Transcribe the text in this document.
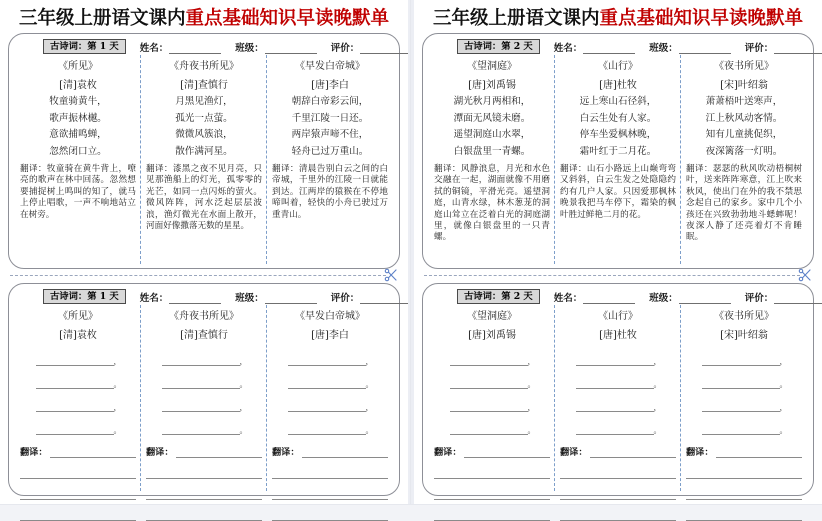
三年级上册语文课内重点基础知识早读晚默单
古诗词：第 1 天	姓名：	班级：	评价：
《所见》
[清]袁枚
牧童骑黄牛，
歌声振林樾。
意欲捕鸣蝉，
忽然闭口立。
翻译：牧童骑在黄牛背上，嘹亮的歌声在林中回荡。忽然想要捕捉树上鸣叫的知了，就马上停止唱歌，一声不响地站立在树旁。
《舟夜书所见》
[清]查慎行
月黑见渔灯，
孤光一点萤。
微微风簇浪，
散作满河星。
翻译：漆黑之夜不见月亮，只见那渔船上的灯光，孤零零的光芒，如同一点闪烁的萤火。微风阵阵，河水泛起层层波浪，渔灯微光在水面上散开，河面好像撒落无数的星星。
《早发白帝城》
[唐]李白
朝辞白帝彩云间，
千里江陵一日还。
两岸猿声啼不住，
轻舟已过万重山。
翻译：清晨告别白云之间的白帝城，千里外的江陵一日就能到达。江两岸的猿猴在不停地啼叫着，轻快的小舟已驶过万重青山。
古诗词：第 1 天	姓名：	班级：	评价：
《所见》
[清]袁枚
，
。
，
。
翻译：
《舟夜书所见》
[清]查慎行
，
。
，
。
翻译：
《早发白帝城》
[唐]李白
，
。
，
。
翻译：
三年级上册语文课内重点基础知识早读晚默单
古诗词：第 2 天	姓名：	班级：	评价：
《望洞庭》
[唐]刘禹锡
湖光秋月两相和，
潭面无风镜未磨。
遥望洞庭山水翠，
白银盘里一青螺。
翻译：风静浪息，月光和水色交融在一起，湖面就像不用磨拭的铜镜，平滑光亮。遥望洞庭，山青水绿，林木葱茏的洞庭山耸立在泛着白光的洞庭湖里，就像白银盘里的一只青螺。
《山行》
[唐]杜牧
远上寒山石径斜，
白云生处有人家。
停车坐爱枫林晚，
霜叶红于二月花。
翻译：山石小路远上山巅弯弯又斜斜，白云生发之处隐隐约约有几户人家。只因爱那枫林晚景我把马车停下，霜染的枫叶胜过鲜艳二月的花。
《夜书所见》
[宋]叶绍翁
萧萧梧叶送寒声，
江上秋风动客情。
知有儿童挑促织，
夜深篱落一灯明。
翻译：瑟瑟的秋风吹动梧桐树叶，送来阵阵寒意，江上吹来秋风，使出门在外的我不禁思念起自己的家乡。家中几个小孩还在兴致勃勃地斗蟋蟀呢！夜深人静了还亮着灯不肯睡眠。
古诗词：第 2 天	姓名：	班级：	评价：
《望洞庭》
[唐]刘禹锡
，
。
，
。
翻译：
《山行》
[唐]杜牧
，
。
，
。
翻译：
《夜书所见》
[宋]叶绍翁
，
。
，
。
翻译：
